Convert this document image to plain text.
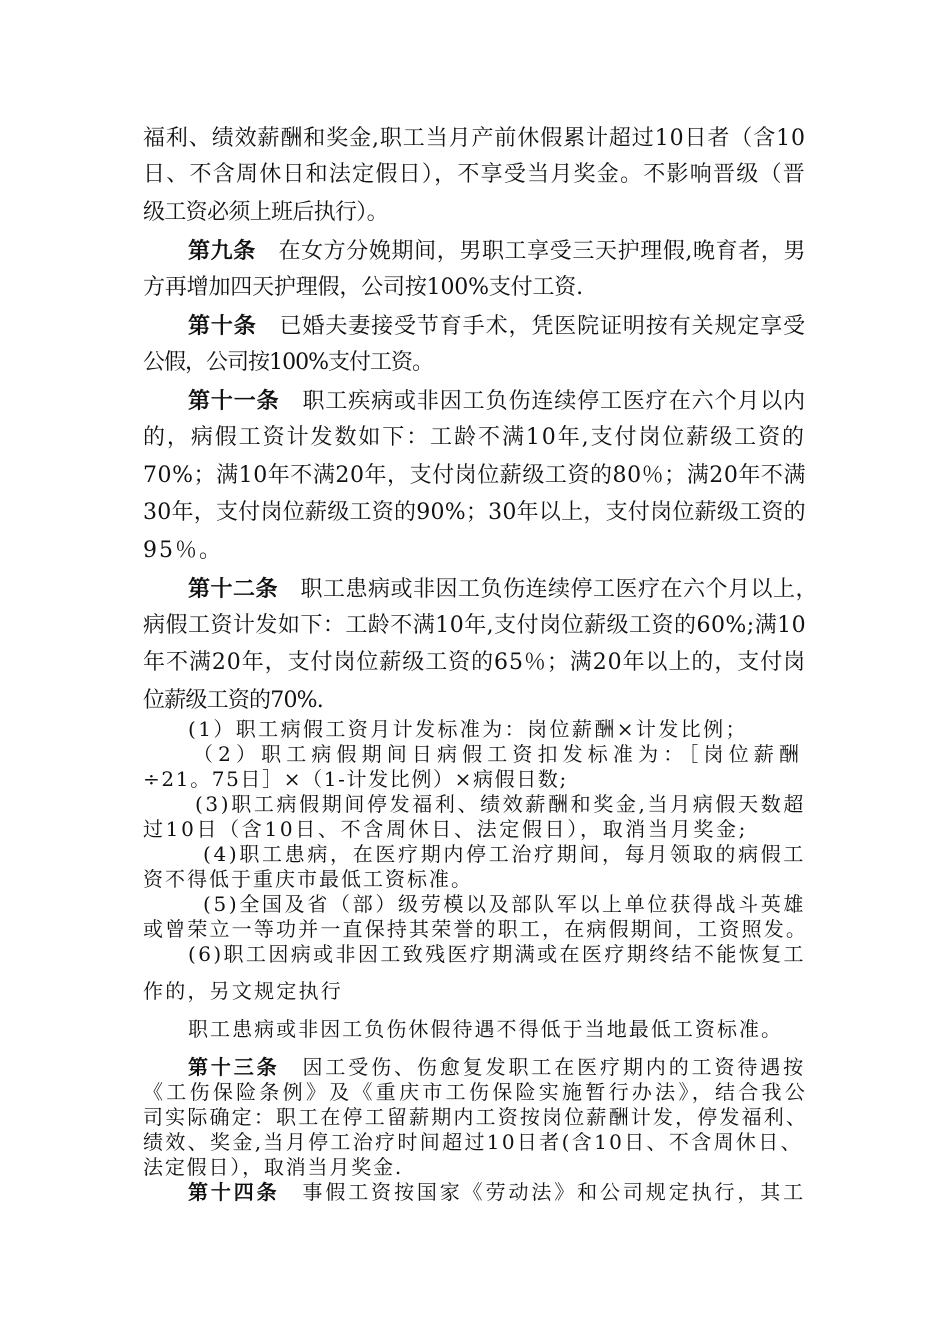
福利、绩效薪酬和奖金,职工当月产前休假累计超过10日者（含10
日、不含周休日和法定假日），不享受当月奖金。不影响晋级（晋
级工资必须上班后执行）。
第九条　在女方分娩期间，男职工享受三天护理假,晚育者，男
方再增加四天护理假，公司按100%支付工资.
第十条　已婚夫妻接受节育手术，凭医院证明按有关规定享受
公假，公司按100%支付工资。
第十一条　职工疾病或非因工负伤连续停工医疗在六个月以内
的，病假工资计发数如下：工龄不满10年,支付岗位薪级工资的
70%；满10年不满20年，支付岗位薪级工资的80％；满20年不满
30年，支付岗位薪级工资的90%；30年以上，支付岗位薪级工资的
95％。
第十二条　职工患病或非因工负伤连续停工医疗在六个月以上，
病假工资计发如下：工龄不满10年,支付岗位薪级工资的60%;满10
年不满20年，支付岗位薪级工资的65％；满20年以上的，支付岗
位薪级工资的70%.
(1）职工病假工资月计发标准为：岗位薪酬×计发比例；
（2）职工病假期间日病假工资扣发标准为：［岗位薪酬
÷21。75日］×（1-计发比例）×病假日数;
(3)职工病假期间停发福利、绩效薪酬和奖金,当月病假天数超
过10日（含10日、不含周休日、法定假日），取消当月奖金;
(4)职工患病，在医疗期内停工治疗期间，每月领取的病假工
资不得低于重庆市最低工资标准。
(5)全国及省（部）级劳模以及部队军以上单位获得战斗英雄
或曾荣立一等功并一直保持其荣誉的职工，在病假期间，工资照发。
(6)职工因病或非因工致残医疗期满或在医疗期终结不能恢复工
作的，另文规定执行
职工患病或非因工负伤休假待遇不得低于当地最低工资标准。
第十三条　因工受伤、伤愈复发职工在医疗期内的工资待遇按
《工伤保险条例》及《重庆市工伤保险实施暂行办法》，结合我公
司实际确定：职工在停工留薪期内工资按岗位薪酬计发，停发福利、
绩效、奖金,当月停工治疗时间超过10日者(含10日、不含周休日、
法定假日），取消当月奖金.
第十四条　事假工资按国家《劳动法》和公司规定执行，其工
